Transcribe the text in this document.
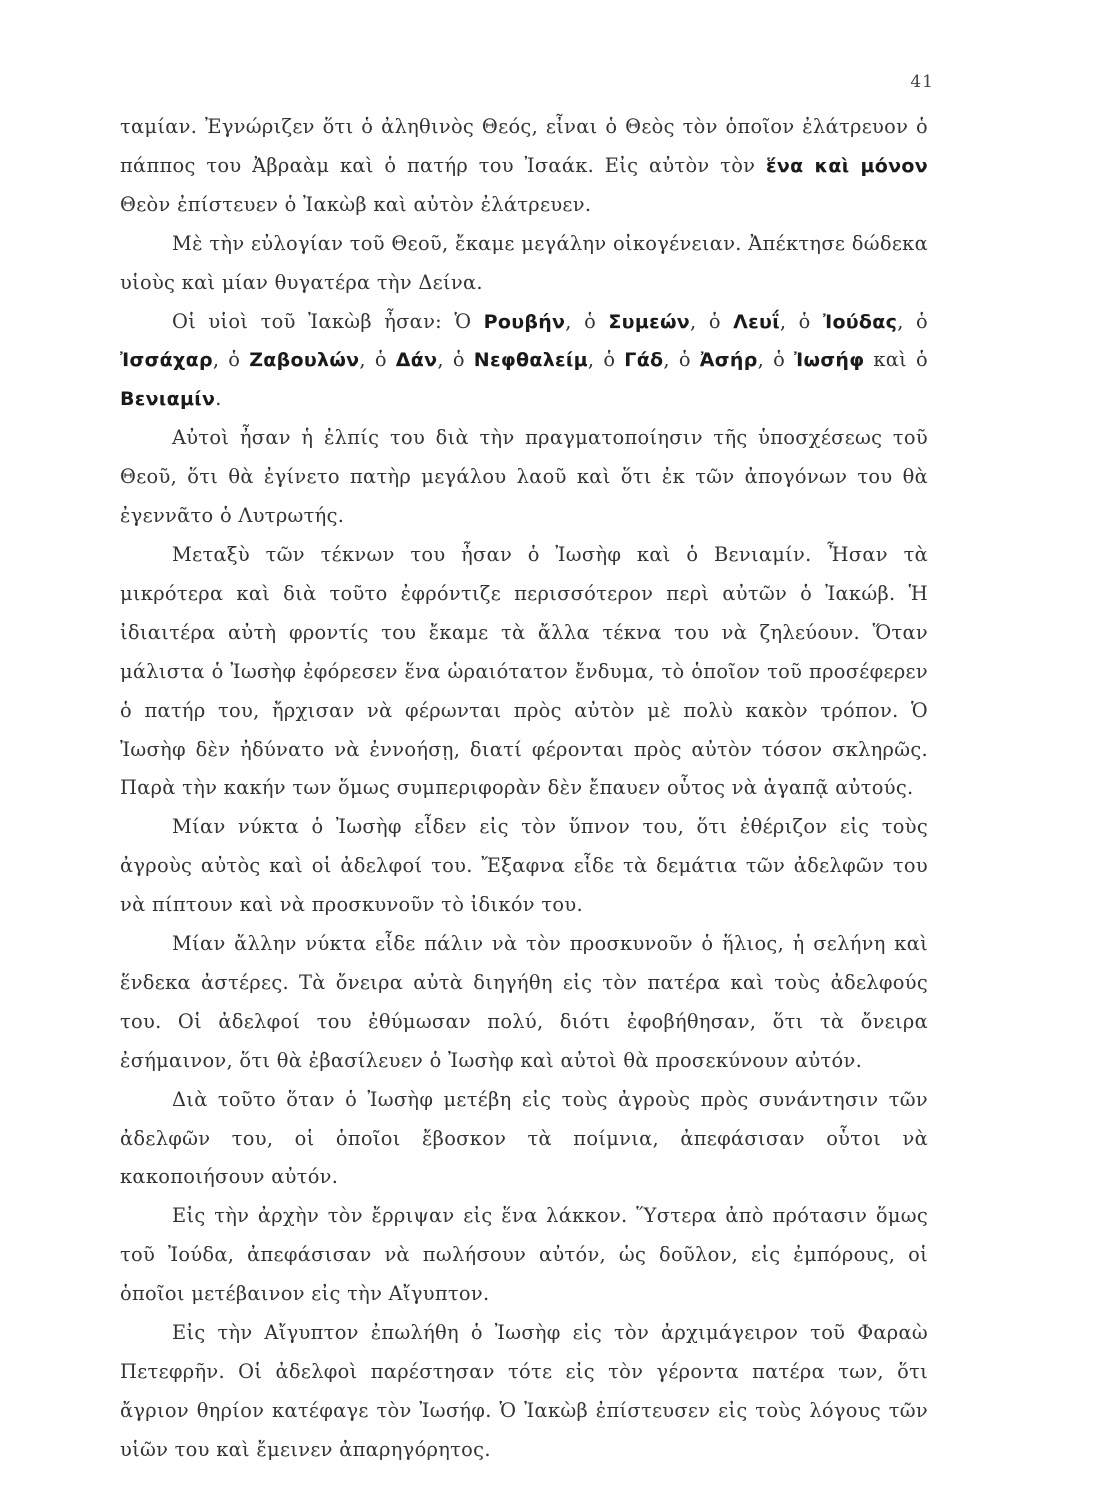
41

ταμίαν. Ἐγνώριζεν ὅτι ὁ ἀληθινὸς Θεός, εἶναι ὁ Θεὸς τὸν ὁποῖον ἐλάτρευον ὁ πάππος του Ἀβραὰμ καὶ ὁ πατήρ του Ἰσαάκ. Εἰς αὐτὸν τὸν ἕνα καὶ μόνον Θεὸν ἐπίστευεν ὁ Ἰακὼβ καὶ αὐτὸν ἐλάτρευεν.

Μὲ τὴν εὐλογίαν τοῦ Θεοῦ, ἔκαμε μεγάλην οἰκογένειαν. Ἀπέκτησε δώδεκα υἱοὺς καὶ μίαν θυγατέρα τὴν Δείνα.

Οἱ υἱοὶ τοῦ Ἰακὼβ ἦσαν: Ὁ Ρουβήν, ὁ Συμεών, ὁ Λευΐ, ὁ Ἰούδας, ὁ Ἰσσάχαρ, ὁ Ζαβουλών, ὁ Δάν, ὁ Νεφθαλείμ, ὁ Γάδ, ὁ Ἀσήρ, ὁ Ἰωσήφ καὶ ὁ Βενιαμίν.

Αὐτοὶ ἦσαν ἡ ἐλπίς του διὰ τὴν πραγματοποίησιν τῆς ὑποσχέσεως τοῦ Θεοῦ, ὅτι θὰ ἐγίνετο πατὴρ μεγάλου λαοῦ καὶ ὅτι ἐκ τῶν ἀπογόνων του θὰ ἐγεννᾶτο ὁ Λυτρωτής.

Μεταξὺ τῶν τέκνων του ἦσαν ὁ Ἰωσὴφ καὶ ὁ Βενιαμίν. Ἦσαν τὰ μικρότερα καὶ διὰ τοῦτο ἐφρόντιζε περισσότερον περὶ αὐτῶν ὁ Ἰακώβ. Ἡ ἰδιαιτέρα αὐτὴ φροντίς του ἔκαμε τὰ ἄλλα τέκνα του νὰ ζηλεύουν. Ὅταν μάλιστα ὁ Ἰωσὴφ ἐφόρεσεν ἕνα ὡραιότατον ἔνδυμα, τὸ ὁποῖον τοῦ προσέφερεν ὁ πατήρ του, ἤρχισαν νὰ φέρωνται πρὸς αὐτὸν μὲ πολὺ κακὸν τρόπον. Ὁ Ἰωσὴφ δὲν ἠδύνατο νὰ ἐννοήσῃ, διατί φέρονται πρὸς αὐτὸν τόσον σκληρῶς. Παρὰ τὴν κακήν των ὅμως συμπεριφορὰν δὲν ἔπαυεν οὗτος νὰ ἀγαπᾷ αὐτούς.

Μίαν νύκτα ὁ Ἰωσὴφ εἶδεν εἰς τὸν ὕπνον του, ὅτι ἐθέριζον εἰς τοὺς ἀγροὺς αὐτὸς καὶ οἱ ἀδελφοί του. Ἔξαφνα εἶδε τὰ δεμάτια τῶν ἀδελφῶν του νὰ πίπτουν καὶ νὰ προσκυνοῦν τὸ ἰδικόν του.

Μίαν ἄλλην νύκτα εἶδε πάλιν νὰ τὸν προσκυνοῦν ὁ ἥλιος, ἡ σελήνη καὶ ἕνδεκα ἀστέρες. Τὰ ὄνειρα αὐτὰ διηγήθη εἰς τὸν πατέρα καὶ τοὺς ἀδελφούς του. Οἱ ἀδελφοί του ἐθύμωσαν πολύ, διότι ἐφοβήθησαν, ὅτι τὰ ὄνειρα ἐσήμαινον, ὅτι θὰ ἐβασίλευεν ὁ Ἰωσὴφ καὶ αὐτοὶ θὰ προσεκύνουν αὐτόν.

Διὰ τοῦτο ὅταν ὁ Ἰωσὴφ μετέβη εἰς τοὺς ἀγροὺς πρὸς συνάντησιν τῶν ἀδελφῶν του, οἱ ὁποῖοι ἔβοσκον τὰ ποίμνια, ἀπεφάσισαν οὗτοι νὰ κακοποιήσουν αὐτόν.

Εἰς τὴν ἀρχὴν τὸν ἔρριψαν εἰς ἕνα λάκκον. Ὕστερα ἀπὸ πρότασιν ὅμως τοῦ Ἰούδα, ἀπεφάσισαν νὰ πωλήσουν αὐτόν, ὡς δοῦλον, εἰς ἐμπόρους, οἱ ὁποῖοι μετέβαινον εἰς τὴν Αἴγυπτον.

Εἰς τὴν Αἴγυπτον ἐπωλήθη ὁ Ἰωσὴφ εἰς τὸν ἀρχιμάγειρον τοῦ Φαραὼ Πετεφρῆν. Οἱ ἀδελφοὶ παρέστησαν τότε εἰς τὸν γέροντα πατέρα των, ὅτι ἄγριον θηρίον κατέφαγε τὸν Ἰωσήφ. Ὁ Ἰακὼβ ἐπίστευσεν εἰς τοὺς λόγους τῶν υἱῶν του καὶ ἔμεινεν ἀπαρηγόρητος.
